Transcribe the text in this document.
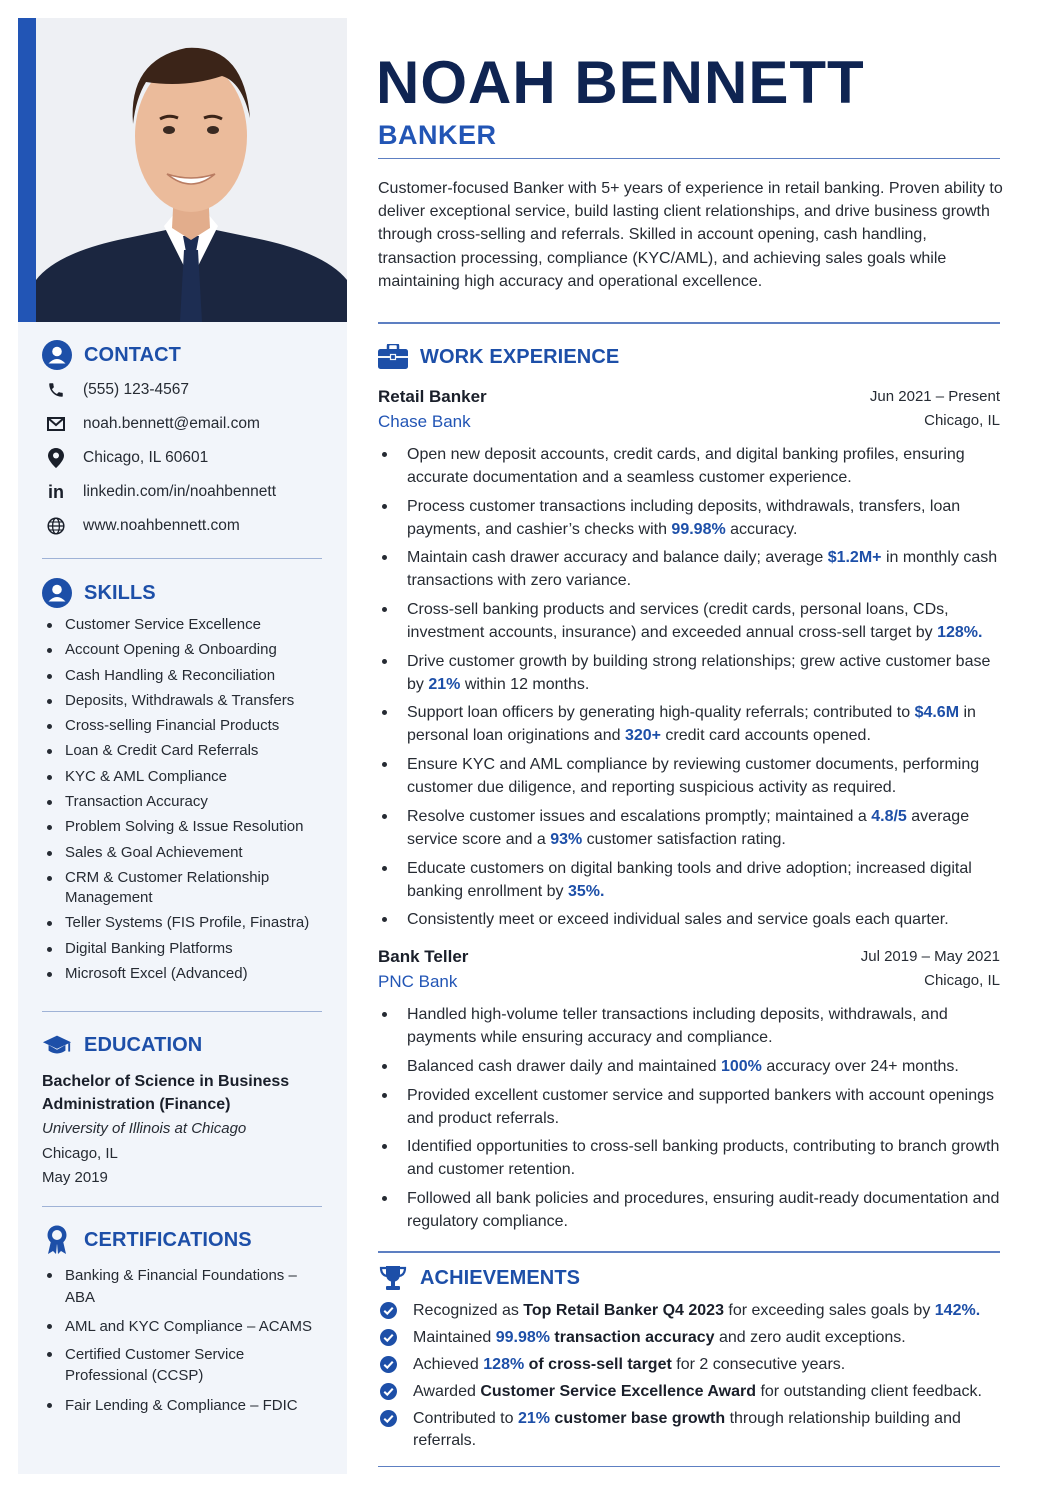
CONTACT
(555) 123-4567
noah.bennett@email.com
Chicago, IL 60601
in	linkedin.com/in/noahbennett
www.noahbennett.com
SKILLS
Customer Service Excellence
Account Opening & Onboarding
Cash Handling & Reconciliation
Deposits, Withdrawals & Transfers
Cross-selling Financial Products
Loan & Credit Card Referrals
KYC & AML Compliance
Transaction Accuracy
Problem Solving & Issue Resolution
Sales & Goal Achievement
CRM & Customer Relationship Management
Teller Systems (FIS Profile, Finastra)
Digital Banking Platforms
Microsoft Excel (Advanced)
EDUCATION
Bachelor of Science in Business Administration (Finance)
University of Illinois at Chicago
Chicago, IL
May 2019
CERTIFICATIONS
Banking & Financial Foundations – ABA
AML and KYC Compliance – ACAMS
Certified Customer Service Professional (CCSP)
Fair Lending & Compliance – FDIC
NOAH BENNETT
BANKER
Customer-focused Banker with 5+ years of experience in retail banking. Proven ability to deliver exceptional service, build lasting client relationships, and drive business growth through cross-selling and referrals. Skilled in account opening, cash handling, transaction processing, compliance (KYC/AML), and achieving sales goals while maintaining high accuracy and operational excellence.
WORK EXPERIENCE
Retail Banker
Chase Bank
Jun 2021 – Present
Chicago, IL
Open new deposit accounts, credit cards, and digital banking profiles, ensuring accurate documentation and a seamless customer experience.
Process customer transactions including deposits, withdrawals, transfers, loan payments, and cashier’s checks with 99.98% accuracy.
Maintain cash drawer accuracy and balance daily; average $1.2M+ in monthly cash transactions with zero variance.
Cross-sell banking products and services (credit cards, personal loans, CDs, investment accounts, insurance) and exceeded annual cross-sell target by 128%.
Drive customer growth by building strong relationships; grew active customer base by 21% within 12 months.
Support loan officers by generating high-quality referrals; contributed to $4.6M in personal loan originations and 320+ credit card accounts opened.
Ensure KYC and AML compliance by reviewing customer documents, performing customer due diligence, and reporting suspicious activity as required.
Resolve customer issues and escalations promptly; maintained a 4.8/5 average service score and a 93% customer satisfaction rating.
Educate customers on digital banking tools and drive adoption; increased digital banking enrollment by 35%.
Consistently meet or exceed individual sales and service goals each quarter.
Bank Teller
PNC Bank
Jul 2019 – May 2021
Chicago, IL
Handled high-volume teller transactions including deposits, withdrawals, and payments while ensuring accuracy and compliance.
Balanced cash drawer daily and maintained 100% accuracy over 24+ months.
Provided excellent customer service and supported bankers with account openings and product referrals.
Identified opportunities to cross-sell banking products, contributing to branch growth and customer retention.
Followed all bank policies and procedures, ensuring audit-ready documentation and regulatory compliance.
ACHIEVEMENTS
Recognized as Top Retail Banker Q4 2023 for exceeding sales goals by 142%.
Maintained 99.98% transaction accuracy and zero audit exceptions.
Achieved 128% of cross-sell target for 2 consecutive years.
Awarded Customer Service Excellence Award for outstanding client feedback.
Contributed to 21% customer base growth through relationship building and referrals.
